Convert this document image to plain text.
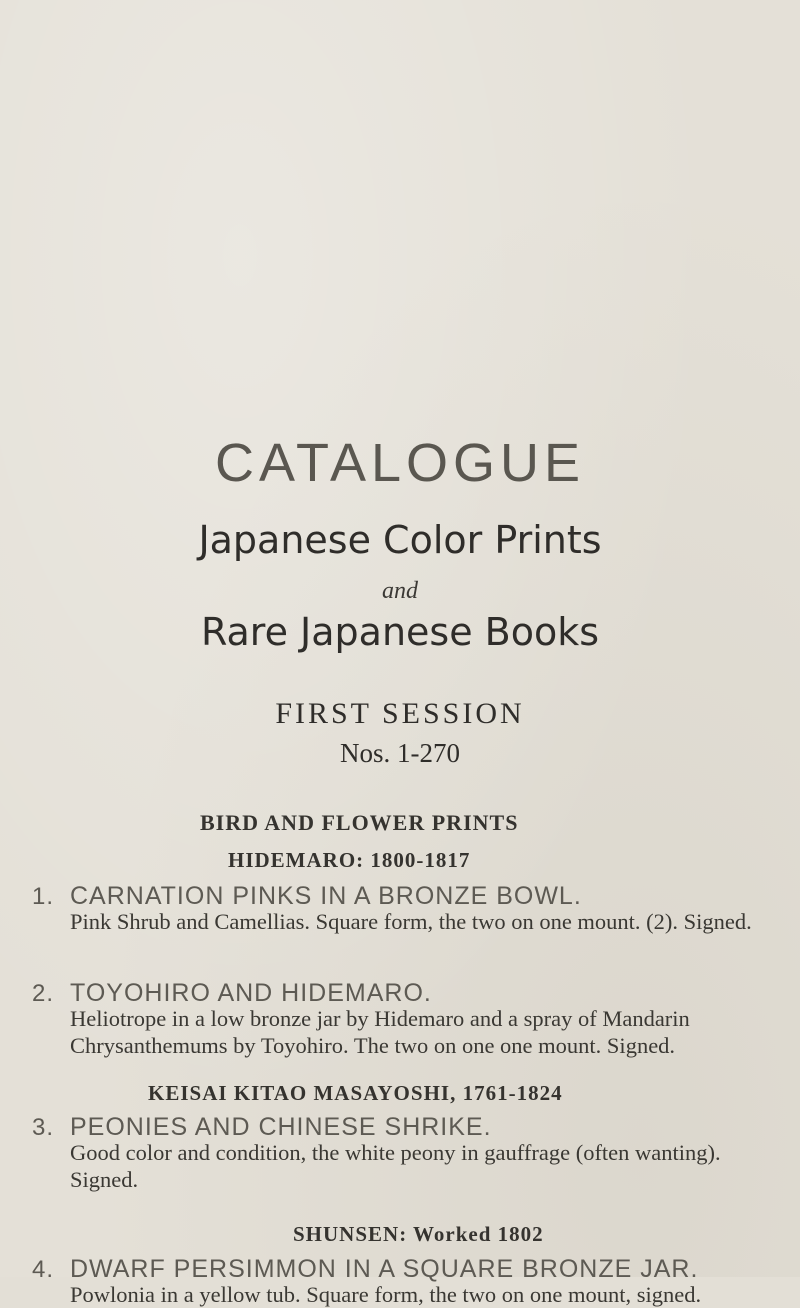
CATALOGUE
Japanese Color Prints
and
Rare Japanese Books
FIRST SESSION
Nos. 1-270
BIRD AND FLOWER PRINTS
HIDEMARO: 1800-1817
1. CARNATION PINKS IN A BRONZE BOWL.
Pink Shrub and Camellias. Square form, the two on one mount. (2). Signed.
2. TOYOHIRO AND HIDEMARO.
Heliotrope in a low bronze jar by Hidemaro and a spray of Mandarin Chrysanthemums by Toyohiro. The two on one one mount. Signed.
KEISAI KITAO MASAYOSHI, 1761-1824
3. PEONIES AND CHINESE SHRIKE.
Good color and condition, the white peony in gauffrage (often wanting). Signed.
SHUNSEN: Worked 1802
4. DWARF PERSIMMON IN A SQUARE BRONZE JAR.
Powlonia in a yellow tub. Square form, the two on one mount, signed.
